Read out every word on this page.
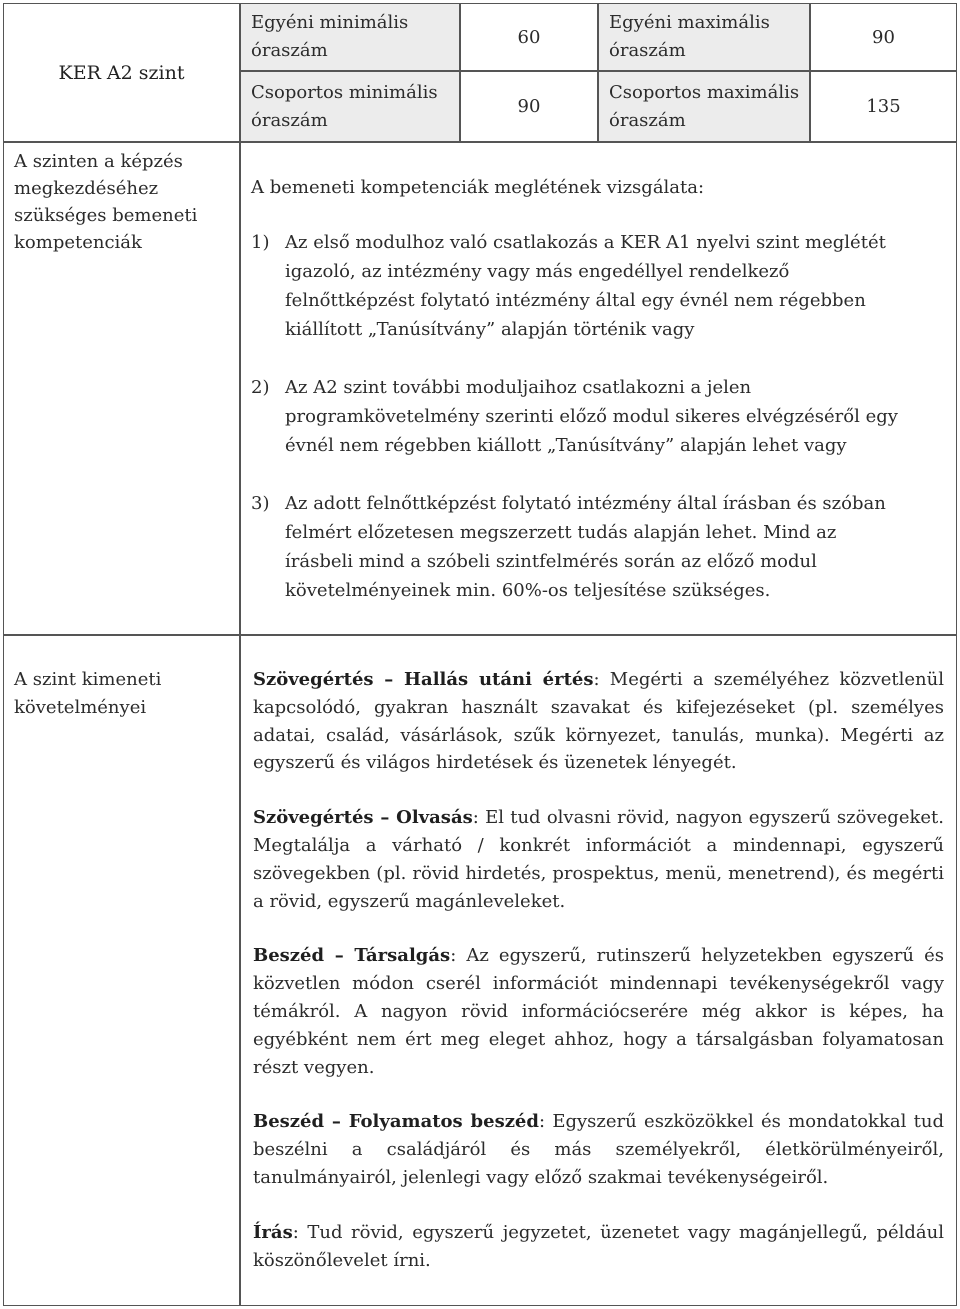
KER A2 szint
Egyéni minimális óraszám
60
Egyéni maximális óraszám
90
Csoportos minimális óraszám
90
Csoportos maximális óraszám
135
A szinten a képzés megkezdéséhez szükséges bemeneti kompetenciák

A bemeneti kompetenciák meglétének vizsgálata:

1) Az első modulhoz való csatlakozás a KER A1 nyelvi szint meglétét igazoló, az intézmény vagy más engedéllyel rendelkező felnőttképzést folytató intézmény által egy évnél nem régebben kiállított „Tanúsítvány” alapján történik vagy
2) Az A2 szint további moduljaihoz csatlakozni a jelen programkövetelmény szerinti előző modul sikeres elvégzéséről egy évnél nem régebben kiállott „Tanúsítvány” alapján lehet vagy
3) Az adott felnőttképzést folytató intézmény által írásban és szóban felmért előzetesen megszerzett tudás alapján lehet. Mind az írásbeli mind a szóbeli szintfelmérés során az előző modul követelményeinek min. 60%-os teljesítése szükséges.
A szint kimeneti követelményei

Szövegértés – Hallás utáni értés: Megérti a személyéhez közvetlenül kapcsolódó, gyakran használt szavakat és kifejezéseket (pl. személyes adatai, család, vásárlások, szűk környezet, tanulás, munka). Megérti az egyszerű és világos hirdetések és üzenetek lényegét.

Szövegértés – Olvasás: El tud olvasni rövid, nagyon egyszerű szövegeket. Megtalálja a várható / konkrét információt a mindennapi, egyszerű szövegekben (pl. rövid hirdetés, prospektus, menü, menetrend), és megérti a rövid, egyszerű magánleveleket.

Beszéd – Társalgás: Az egyszerű, rutinszerű helyzetekben egyszerű és közvetlen módon cserél információt mindennapi tevékenységekről vagy témákról. A nagyon rövid információcserére még akkor is képes, ha egyébként nem ért meg eleget ahhoz, hogy a társalgásban folyamatosan részt vegyen.

Beszéd – Folyamatos beszéd: Egyszerű eszközökkel és mondatokkal tud beszélni a családjáról és más személyekről, életkörülményeiről, tanulmányairól, jelenlegi vagy előző szakmai tevékenységeiről.

Írás: Tud rövid, egyszerű jegyzetet, üzenetet vagy magánjellegű, például köszönőlevelet írni.
